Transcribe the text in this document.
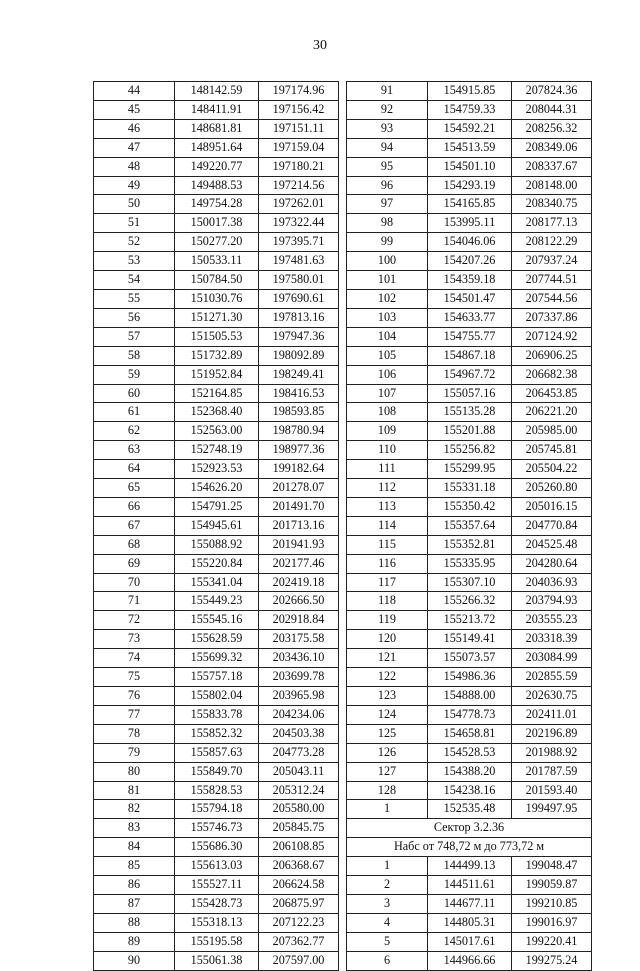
30
44	148142.59	197174.96
45	148411.91	197156.42
46	148681.81	197151.11
47	148951.64	197159.04
48	149220.77	197180.21
49	149488.53	197214.56
50	149754.28	197262.01
51	150017.38	197322.44
52	150277.20	197395.71
53	150533.11	197481.63
54	150784.50	197580.01
55	151030.76	197690.61
56	151271.30	197813.16
57	151505.53	197947.36
58	151732.89	198092.89
59	151952.84	198249.41
60	152164.85	198416.53
61	152368.40	198593.85
62	152563.00	198780.94
63	152748.19	198977.36
64	152923.53	199182.64
65	154626.20	201278.07
66	154791.25	201491.70
67	154945.61	201713.16
68	155088.92	201941.93
69	155220.84	202177.46
70	155341.04	202419.18
71	155449.23	202666.50
72	155545.16	202918.84
73	155628.59	203175.58
74	155699.32	203436.10
75	155757.18	203699.78
76	155802.04	203965.98
77	155833.78	204234.06
78	155852.32	204503.38
79	155857.63	204773.28
80	155849.70	205043.11
81	155828.53	205312.24
82	155794.18	205580.00
83	155746.73	205845.75
84	155686.30	206108.85
85	155613.03	206368.67
86	155527.11	206624.58
87	155428.73	206875.97
88	155318.13	207122.23
89	155195.58	207362.77
90	155061.38	207597.00
91	154915.85	207824.36
92	154759.33	208044.31
93	154592.21	208256.32
94	154513.59	208349.06
95	154501.10	208337.67
96	154293.19	208148.00
97	154165.85	208340.75
98	153995.11	208177.13
99	154046.06	208122.29
100	154207.26	207937.24
101	154359.18	207744.51
102	154501.47	207544.56
103	154633.77	207337.86
104	154755.77	207124.92
105	154867.18	206906.25
106	154967.72	206682.38
107	155057.16	206453.85
108	155135.28	206221.20
109	155201.88	205985.00
110	155256.82	205745.81
111	155299.95	205504.22
112	155331.18	205260.80
113	155350.42	205016.15
114	155357.64	204770.84
115	155352.81	204525.48
116	155335.95	204280.64
117	155307.10	204036.93
118	155266.32	203794.93
119	155213.72	203555.23
120	155149.41	203318.39
121	155073.57	203084.99
122	154986.36	202855.59
123	154888.00	202630.75
124	154778.73	202411.01
125	154658.81	202196.89
126	154528.53	201988.92
127	154388.20	201787.59
128	154238.16	201593.40
1	152535.48	199497.95
Сектор 3.2.36		
Набс от 748,72 м до 773,72 м		
1	144499.13	199048.47
2	144511.61	199059.87
3	144677.11	199210.85
4	144805.31	199016.97
5	145017.61	199220.41
6	144966.66	199275.24
